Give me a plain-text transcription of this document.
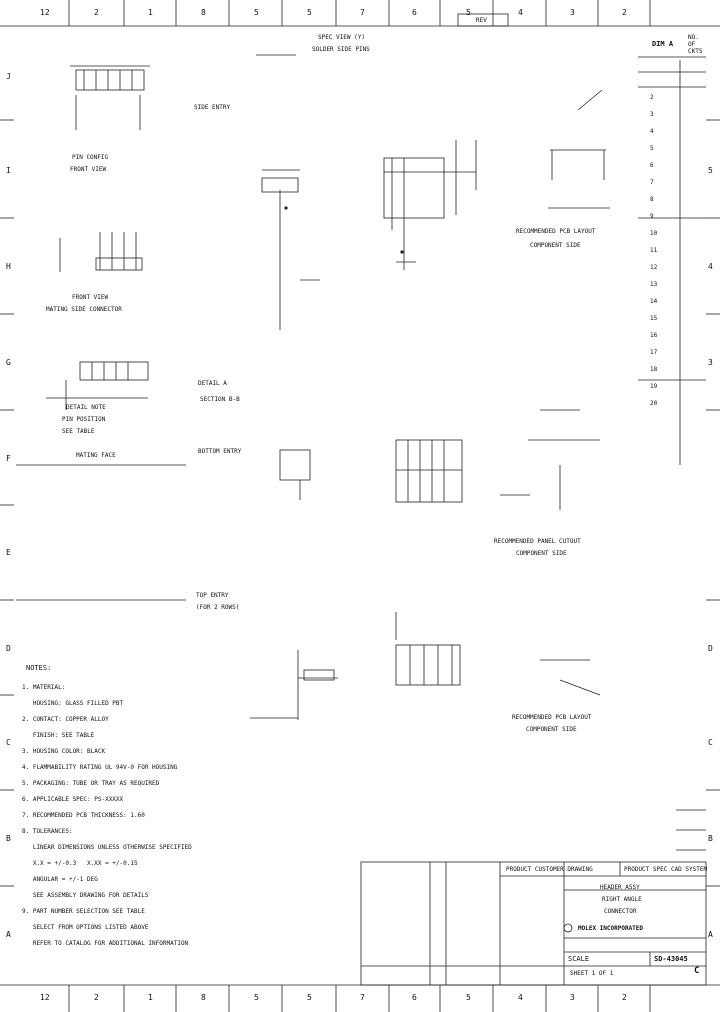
12	2	1	8	5	5	7	6	5	4	3	2
REV
12	2	1	8	5	5	7	6	5	4	3	2
J
I
H
G
F
E
D
C
B
A
5
4
3
D
C
B
A
SPEC VIEW (Y)
SOLDER SIDE PINS
SIDE ENTRY
PIN CONFIG
FRONT VIEW
FRONT VIEW
MATING SIDE CONNECTOR
DETAIL NOTE
PIN POSITION
SEE TABLE
MATING FACE
DETAIL A
SECTION B-B
BOTTOM ENTRY
TOP ENTRY
(FOR 2 ROWS)
RECOMMENDED PCB LAYOUT
COMPONENT SIDE
RECOMMENDED PANEL CUTOUT
COMPONENT SIDE
RECOMMENDED PCB LAYOUT
COMPONENT SIDE
DIM A
NO. OF CKTS
2
3
4
5
6
7
8
9
10
11
12
13
14
15
16
17
18
19
20
NOTES:
1. MATERIAL:
HOUSING: GLASS FILLED PBT
2. CONTACT: COPPER ALLOY
FINISH: SEE TABLE
3. HOUSING COLOR: BLACK
4. FLAMMABILITY RATING UL 94V-0 FOR HOUSING
5. PACKAGING: TUBE OR TRAY AS REQUIRED
6. APPLICABLE SPEC: PS-XXXXX
7. RECOMMENDED PCB THICKNESS: 1.60
8. TOLERANCES:
LINEAR DIMENSIONS UNLESS OTHERWISE SPECIFIED
X.X = +/-0.3   X.XX = +/-0.15
ANGULAR = +/-1 DEG
SEE ASSEMBLY DRAWING FOR DETAILS
9. PART NUMBER SELECTION SEE TABLE
SELECT FROM OPTIONS LISTED ABOVE
REFER TO CATALOG FOR ADDITIONAL INFORMATION
PRODUCT CUSTOMER DRAWING	PRODUCT SPEC CAD SYSTEM
HEADER ASSY
RIGHT ANGLE
CONNECTOR
MOLEX INCORPORATED
SCALE	SD-43045
SHEET 1 OF 1	C
